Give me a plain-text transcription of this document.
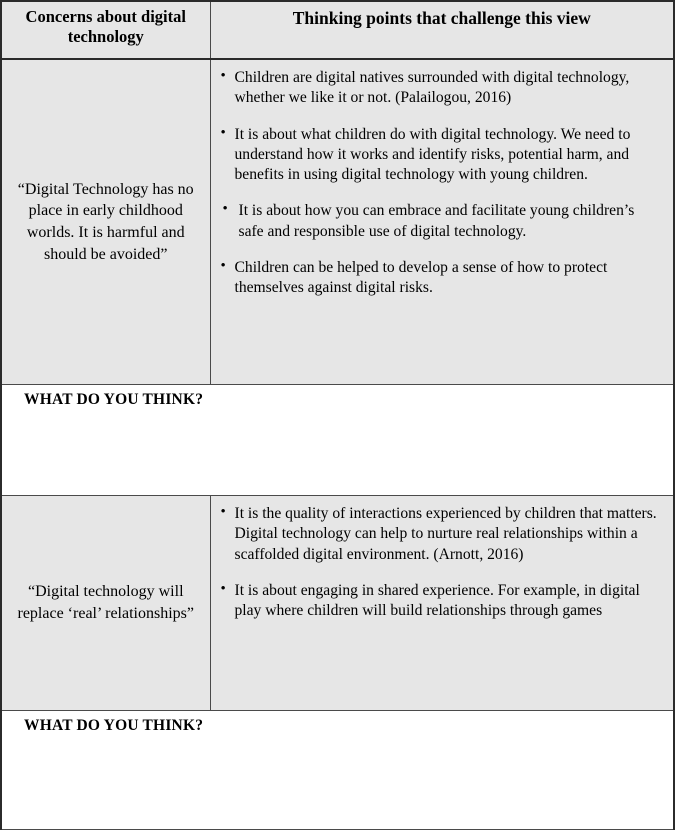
Concerns about digital technology	Thinking points that challenge this view
“Digital Technology has no place in early childhood worlds. It is harmful and should be avoided”	
• Children are digital natives surrounded with digital technology, whether we like it or not. (Palailogou, 2016)
• It is about what children do with digital technology. We need to understand how it works and identify risks, potential harm, and benefits in using digital technology with young children.
• It is about how you can embrace and facilitate young children’s safe and responsible use of digital technology.
• Children can be helped to develop a sense of how to protect themselves against digital risks.

WHAT DO YOU THINK?	

“Digital technology will replace ‘real’ relationships”	
• It is the quality of interactions experienced by children that matters. Digital technology can help to nurture real relationships within a scaffolded digital environment. (Arnott, 2016)
• It is about engaging in shared experience. For example, in digital play where children will build relationships through games

WHAT DO YOU THINK?	
